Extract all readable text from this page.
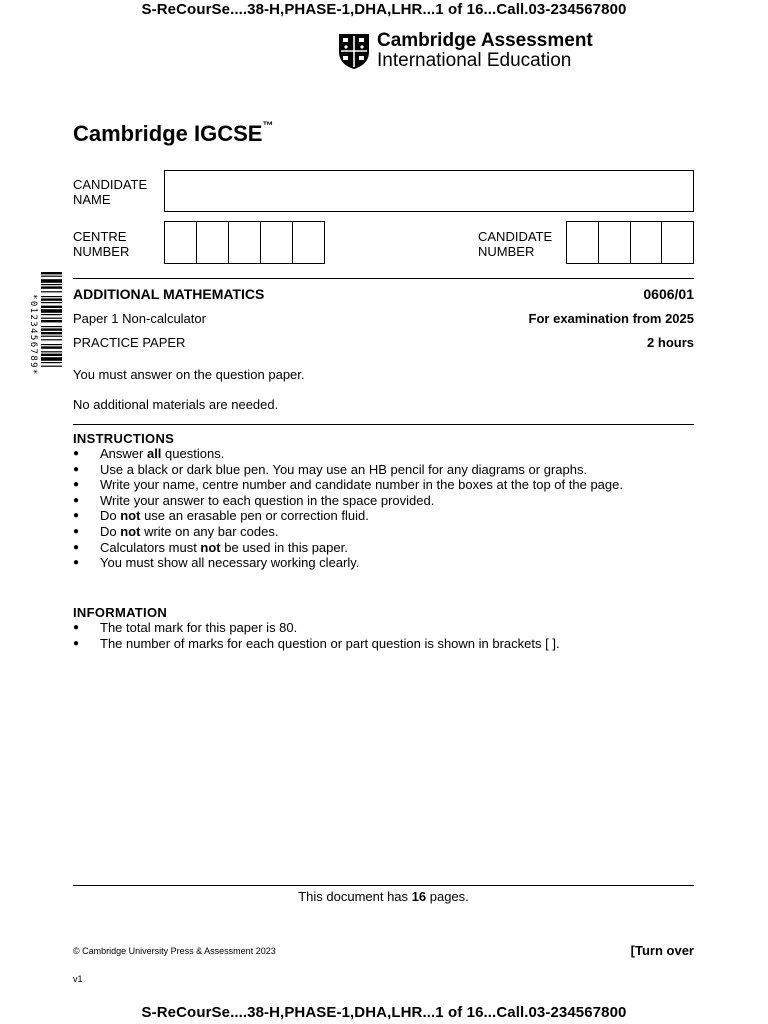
S-ReCourSe....38-H,PHASE-1,DHA,LHR...1 of 16...Call.03-234567800
Cambridge Assessment
International Education
Cambridge IGCSE™
CANDIDATE
NAME
CENTRE
NUMBER
CANDIDATE
NUMBER
*0123456789*
ADDITIONAL MATHEMATICS	0606/01
Paper 1 Non-calculator	For examination from 2025
PRACTICE PAPER	2 hours
You must answer on the question paper.
No additional materials are needed.
INSTRUCTIONS
● Answer all questions.
● Use a black or dark blue pen. You may use an HB pencil for any diagrams or graphs.
● Write your name, centre number and candidate number in the boxes at the top of the page.
● Write your answer to each question in the space provided.
● Do not use an erasable pen or correction fluid.
● Do not write on any bar codes.
● Calculators must not be used in this paper.
● You must show all necessary working clearly.
INFORMATION
● The total mark for this paper is 80.
● The number of marks for each question or part question is shown in brackets [ ].
This document has 16 pages.
© Cambridge University Press & Assessment 2023	[Turn over
v1
S-ReCourSe....38-H,PHASE-1,DHA,LHR...1 of 16...Call.03-234567800
